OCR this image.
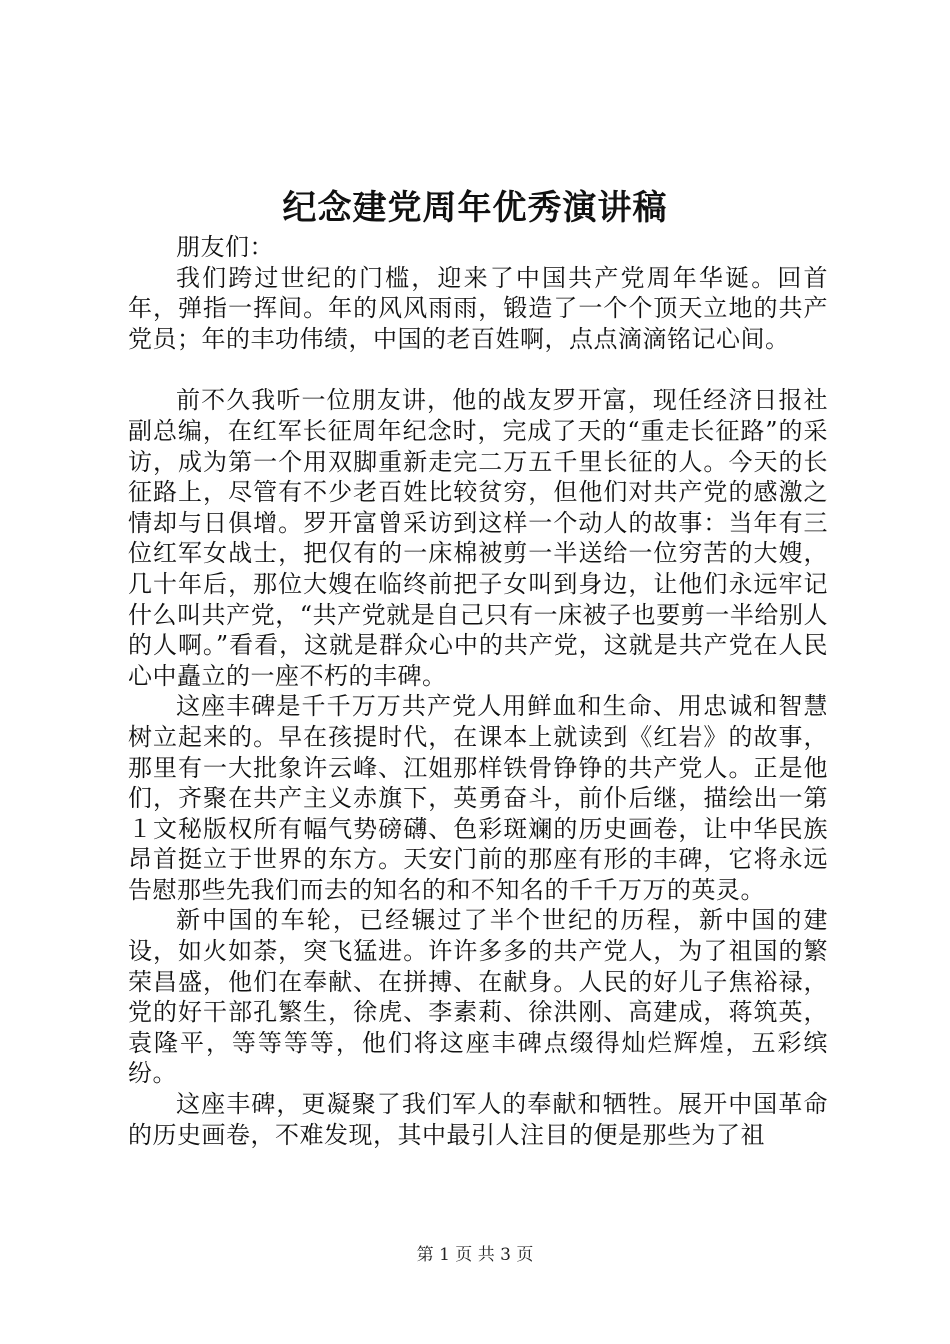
纪念建党周年优秀演讲稿

朋友们：

我们跨过世纪的门槛，迎来了中国共产党周年华诞。回首年，弹指一挥间。年的风风雨雨，锻造了一个个顶天立地的共产党员；年的丰功伟绩，中国的老百姓啊，点点滴滴铭记心间。

前不久我听一位朋友讲，他的战友罗开富，现任经济日报社副总编，在红军长征周年纪念时，完成了天的“重走长征路”的采访，成为第一个用双脚重新走完二万五千里长征的人。今天的长征路上，尽管有不少老百姓比较贫穷，但他们对共产党的感激之情却与日俱增。罗开富曾采访到这样一个动人的故事：当年有三位红军女战士，把仅有的一床棉被剪一半送给一位穷苦的大嫂，几十年后，那位大嫂在临终前把子女叫到身边，让他们永远牢记什么叫共产党，“共产党就是自己只有一床被子也要剪一半给别人的人啊。”看看，这就是群众心中的共产党，这就是共产党在人民心中矗立的一座不朽的丰碑。

这座丰碑是千千万万共产党人用鲜血和生命、用忠诚和智慧树立起来的。早在孩提时代，在课本上就读到《红岩》的故事，那里有一大批象许云峰、江姐那样铁骨铮铮的共产党人。正是他们，齐聚在共产主义赤旗下，英勇奋斗，前仆后继，描绘出一第１文秘版权所有幅气势磅礴、色彩斑斓的历史画卷，让中华民族昂首挺立于世界的东方。天安门前的那座有形的丰碑，它将永远告慰那些先我们而去的知名的和不知名的千千万万的英灵。

新中国的车轮，已经辗过了半个世纪的历程，新中国的建设，如火如荼，突飞猛进。许许多多的共产党人，为了祖国的繁荣昌盛，他们在奉献、在拼搏、在献身。人民的好儿子焦裕禄，党的好干部孔繁生，徐虎、李素莉、徐洪刚、高建成，蒋筑英，袁隆平，等等等等，他们将这座丰碑点缀得灿烂辉煌，五彩缤纷。

这座丰碑，更凝聚了我们军人的奉献和牺牲。展开中国革命的历史画卷，不难发现，其中最引人注目的便是那些为了祖

第 1 页 共 3 页
